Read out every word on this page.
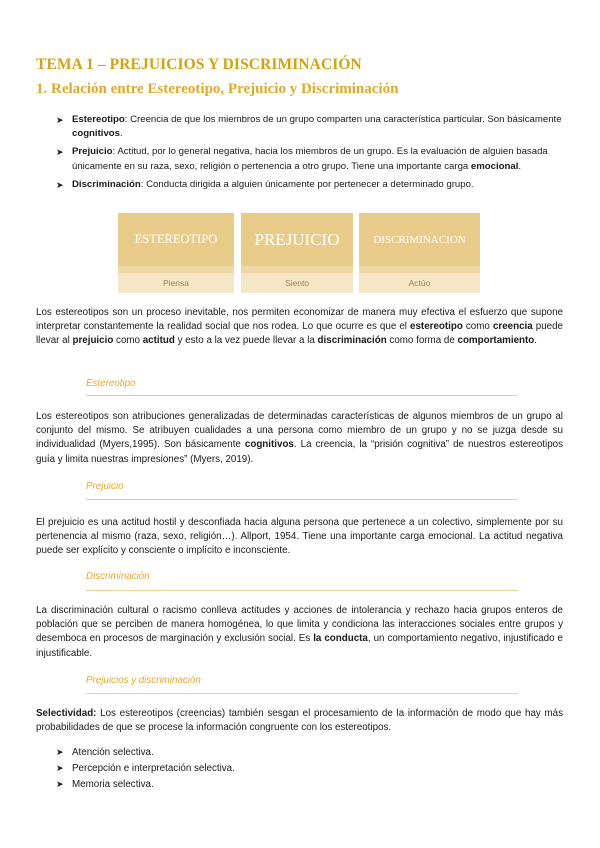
TEMA 1 – PREJUICIOS Y DISCRIMINACIÓN
1. Relación entre Estereotipo, Prejuicio y Discriminación
➤ Estereotipo: Creencia de que los miembros de un grupo comparten una característica particular. Son básicamente cognitivos.
➤ Prejuicio: Actitud, por lo general negativa, hacia los miembros de un grupo. Es la evaluación de alguien basada únicamente en su raza, sexo, religión o pertenencia a otro grupo. Tiene una importante carga emocional.
➤ Discriminación: Conducta dirigida a alguien únicamente por pertenecer a determinado grupo.
ESTEREOTIPO
Piensa
PREJUICIO
Siento
DISCRIMINACION
Actúo

Los estereotipos son un proceso inevitable, nos permiten economizar de manera muy efectiva el esfuerzo que supone interpretar constantemente la realidad social que nos rodea. Lo que ocurre es que el estereotipo como creencia puede llevar al prejuicio como actitud y esto a la vez puede llevar a la discriminación como forma de comportamiento.

Estereotipo

Los estereotipos son atribuciones generalizadas de determinadas características de algunos miembros de un grupo al conjunto del mismo. Se atribuyen cualidades a una persona como miembro de un grupo y no se juzga desde su individualidad (Myers,1995). Son básicamente cognitivos. La creencia, la “prisión cognitiva” de nuestros estereotipos guía y limita nuestras impresiones” (Myers, 2019).

Prejuicio

El prejuicio es una actitud hostil y desconfiada hacia alguna persona que pertenece a un colectivo, simplemente por su pertenencia al mismo (raza, sexo, religión…). Allport, 1954. Tiene una importante carga emocional. La actitud negativa puede ser explícito y consciente o implícito e inconsciente.

Discriminación

La discriminación cultural o racismo conlleva actitudes y acciones de intolerancia y rechazo hacia grupos enteros de población que se perciben de manera homogénea, lo que limita y condiciona las interacciones sociales entre grupos y desemboca en procesos de marginación y exclusión social. Es la conducta, un comportamiento negativo, injustificado e injustificable.

Prejuicios y discriminación

Selectividad: Los estereotipos (creencias) también sesgan el procesamiento de la información de modo que hay más probabilidades de que se procese la información congruente con los estereotipos.

➤ Atención selectiva.
➤ Percepción e interpretación selectiva.
➤ Memoria selectiva.
